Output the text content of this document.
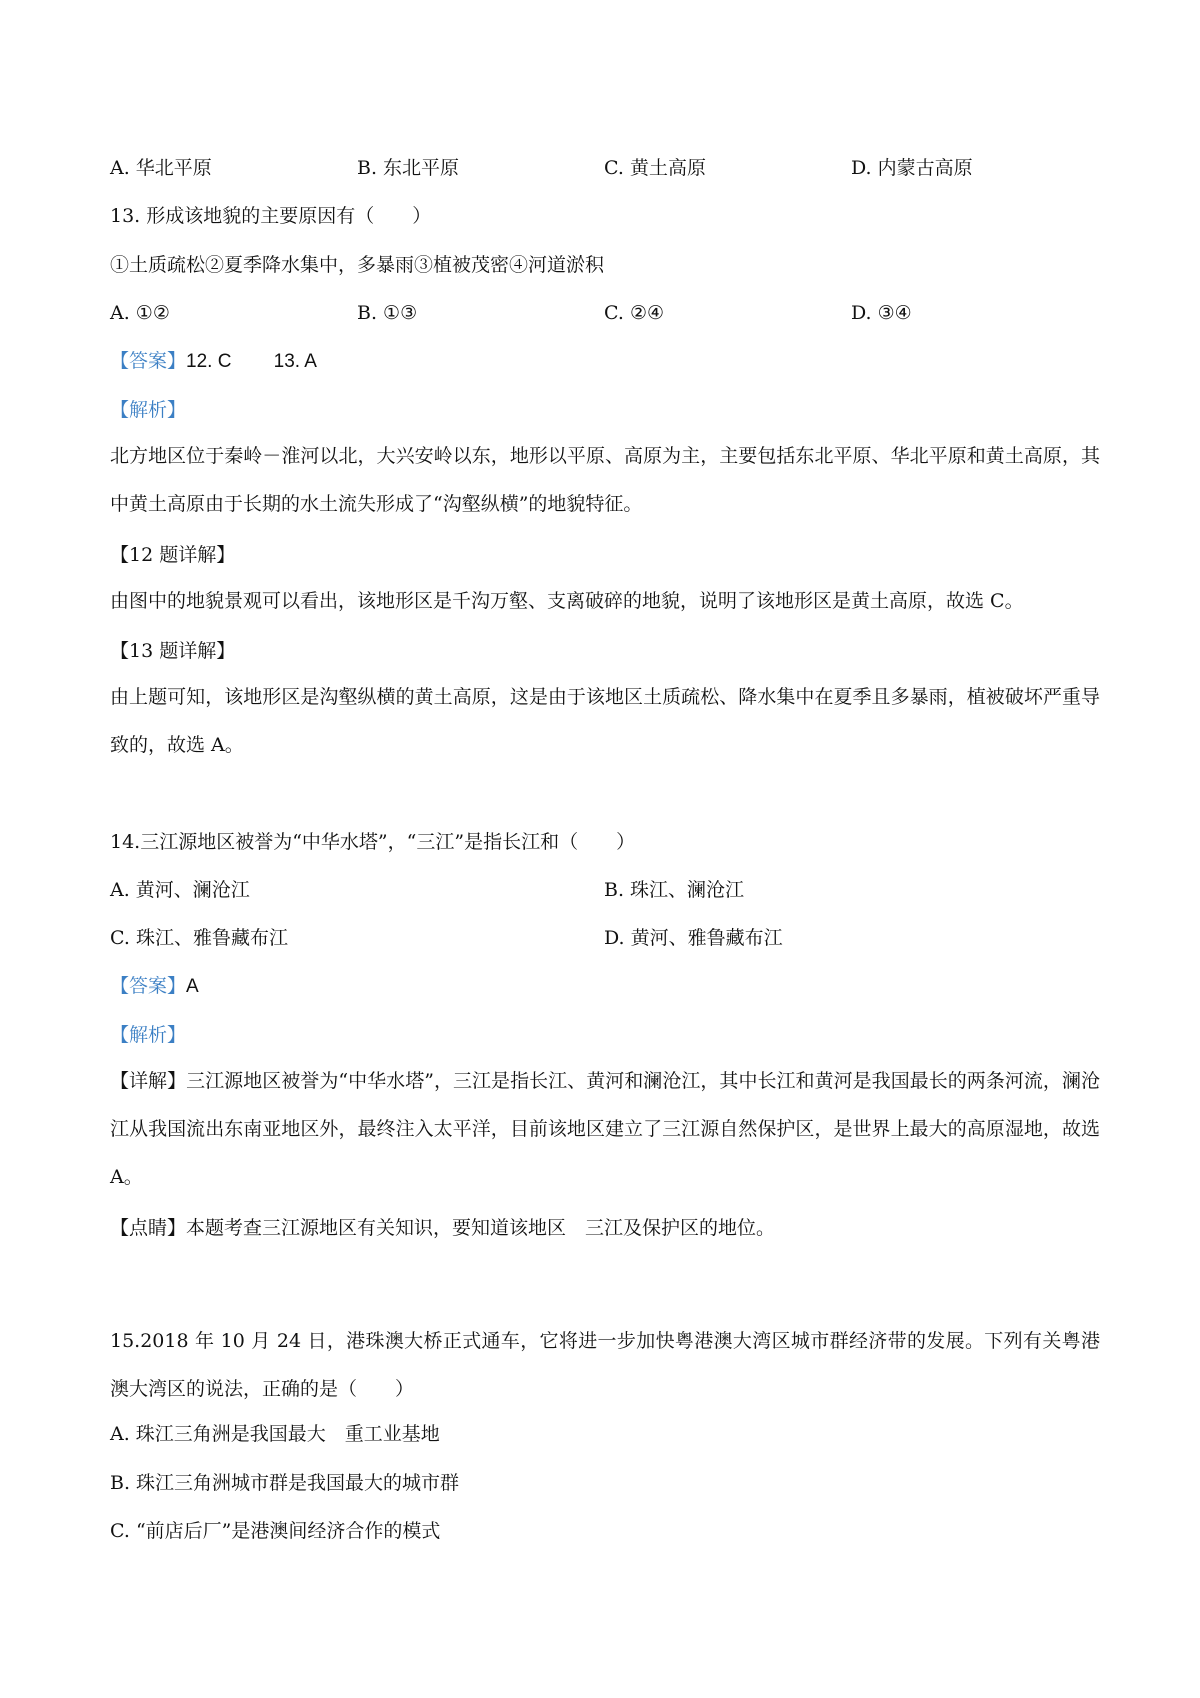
A. 华北平原	B. 东北平原	C. 黄土高原	D. 内蒙古高原
13. 形成该地貌的主要原因有（　　）
①土质疏松②夏季降水集中，多暴雨③植被茂密④河道淤积
A. ①②	B. ①③	C. ②④	D. ③④
【答案】12. C        13. A
【解析】
北方地区位于秦岭－淮河以北，大兴安岭以东，地形以平原、高原为主，主要包括东北平原、华北平原和黄土高原，其中黄土高原由于长期的水土流失形成了“沟壑纵横”的地貌特征。
【12 题详解】
由图中的地貌景观可以看出，该地形区是千沟万壑、支离破碎的地貌，说明了该地形区是黄土高原，故选 C。
【13 题详解】
由上题可知，该地形区是沟壑纵横的黄土高原，这是由于该地区土质疏松、降水集中在夏季且多暴雨，植被破坏严重导致的，故选 A。
14.三江源地区被誉为“中华水塔”，“三江”是指长江和（　　）
A. 黄河、澜沧江	B. 珠江、澜沧江
C. 珠江、雅鲁藏布江	D. 黄河、雅鲁藏布江
【答案】A
【解析】
【详解】三江源地区被誉为“中华水塔”，三江是指长江、黄河和澜沧江，其中长江和黄河是我国最长的两条河流，澜沧江从我国流出东南亚地区外，最终注入太平洋，目前该地区建立了三江源自然保护区，是世界上最大的高原湿地，故选 A。
【点睛】本题考查三江源地区有关知识，要知道该地区　三江及保护区的地位。
15.2018 年 10 月 24 日，港珠澳大桥正式通车，它将进一步加快粤港澳大湾区城市群经济带的发展。下列有关粤港澳大湾区的说法，正确的是（　　）
A. 珠江三角洲是我国最大　重工业基地
B. 珠江三角洲城市群是我国最大的城市群
C. “前店后厂”是港澳间经济合作的模式
